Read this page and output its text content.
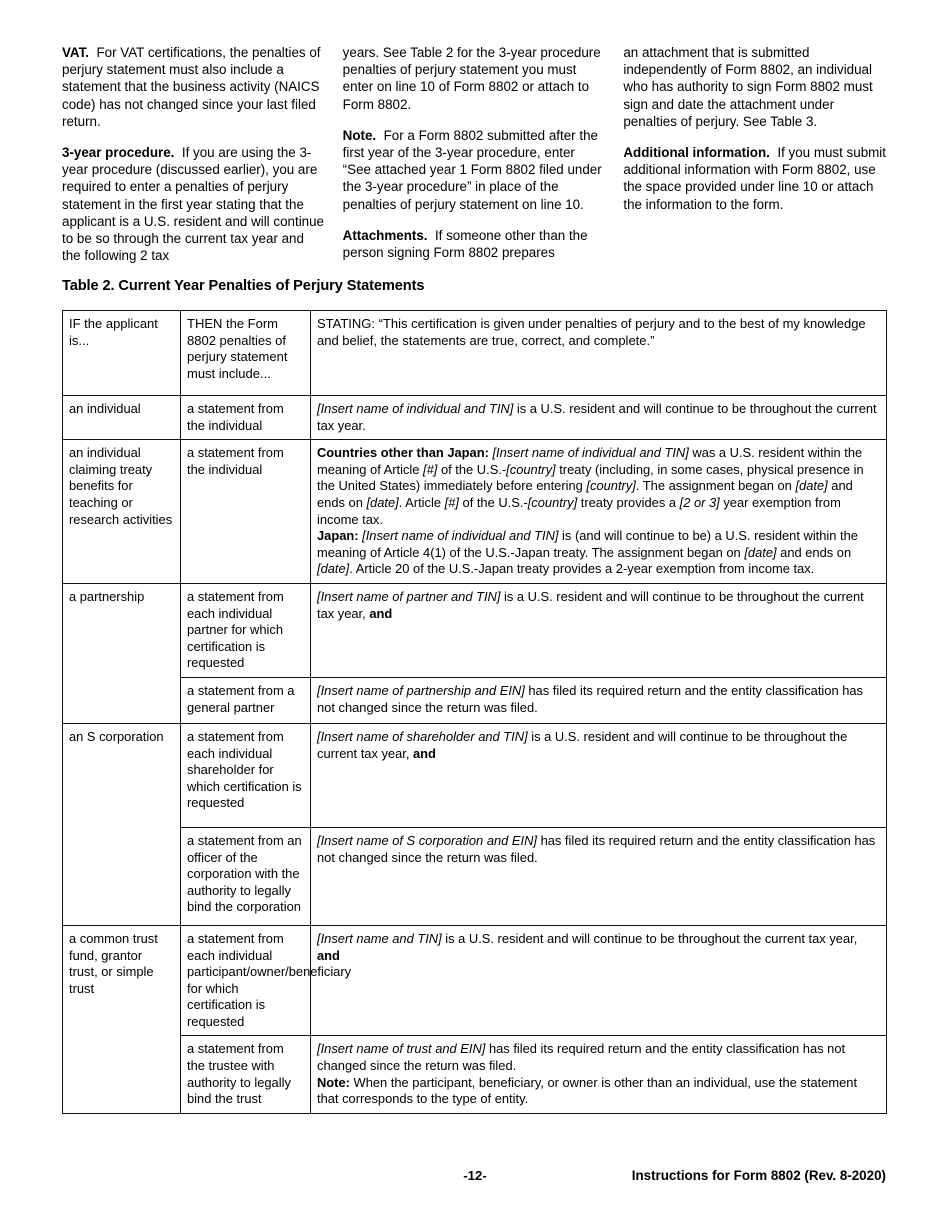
VAT. For VAT certifications, the penalties of perjury statement must also include a statement that the business activity (NAICS code) has not changed since your last filed return.

3-year procedure. If you are using the 3-year procedure (discussed earlier), you are required to enter a penalties of perjury statement in the first year stating that the applicant is a U.S. resident and will continue to be so through the current tax year and the following 2 tax

years. See Table 2 for the 3-year procedure penalties of perjury statement you must enter on line 10 of Form 8802 or attach to Form 8802.

Note. For a Form 8802 submitted after the first year of the 3-year procedure, enter “See attached year 1 Form 8802 filed under the 3-year procedure” in place of the penalties of perjury statement on line 10.

Attachments. If someone other than the person signing Form 8802 prepares

an attachment that is submitted independently of Form 8802, an individual who has authority to sign Form 8802 must sign and date the attachment under penalties of perjury. See Table 3.

Additional information. If you must submit additional information with Form 8802, use the space provided under line 10 or attach the information to the form.

Table 2. Current Year Penalties of Perjury Statements
IF the applicant is...	THEN the Form 8802 penalties of perjury statement must include...	STATING: “This certification is given under penalties of perjury and to the best of my knowledge and belief, the statements are true, correct, and complete.”
an individual	a statement from the individual	[Insert name of individual and TIN] is a U.S. resident and will continue to be throughout the current tax year.
an individual claiming treaty benefits for teaching or research activities	a statement from the individual	Countries other than Japan: [Insert name of individual and TIN] was a U.S. resident within the meaning of Article [#] of the U.S.-[country] treaty (including, in some cases, physical presence in the United States) immediately before entering [country]. The assignment began on [date] and ends on [date]. Article [#] of the U.S.-[country] treaty provides a [2 or 3] year exemption from income tax.
Japan: [Insert name of individual and TIN] is (and will continue to be) a U.S. resident within the meaning of Article 4(1) of the U.S.-Japan treaty. The assignment began on [date] and ends on [date]. Article 20 of the U.S.-Japan treaty provides a 2-year exemption from income tax.
a partnership	a statement from each individual partner for which certification is requested	[Insert name of partner and TIN] is a U.S. resident and will continue to be throughout the current tax year, and
	a statement from a general partner	[Insert name of partnership and EIN] has filed its required return and the entity classification has not changed since the return was filed.
an S corporation	a statement from each individual shareholder for which certification is requested	[Insert name of shareholder and TIN] is a U.S. resident and will continue to be throughout the current tax year, and
	a statement from an officer of the corporation with the authority to legally bind the corporation	[Insert name of S corporation and EIN] has filed its required return and the entity classification has not changed since the return was filed.
a common trust fund, grantor trust, or simple trust	a statement from each individual participant/owner/beneficiary for which certification is requested	[Insert name and TIN] is a U.S. resident and will continue to be throughout the current tax year, and
	a statement from the trustee with authority to legally bind the trust	[Insert name of trust and EIN] has filed its required return and the entity classification has not changed since the return was filed.
Note: When the participant, beneficiary, or owner is other than an individual, use the statement that corresponds to the type of entity.
-12-	Instructions for Form 8802 (Rev. 8-2020)
